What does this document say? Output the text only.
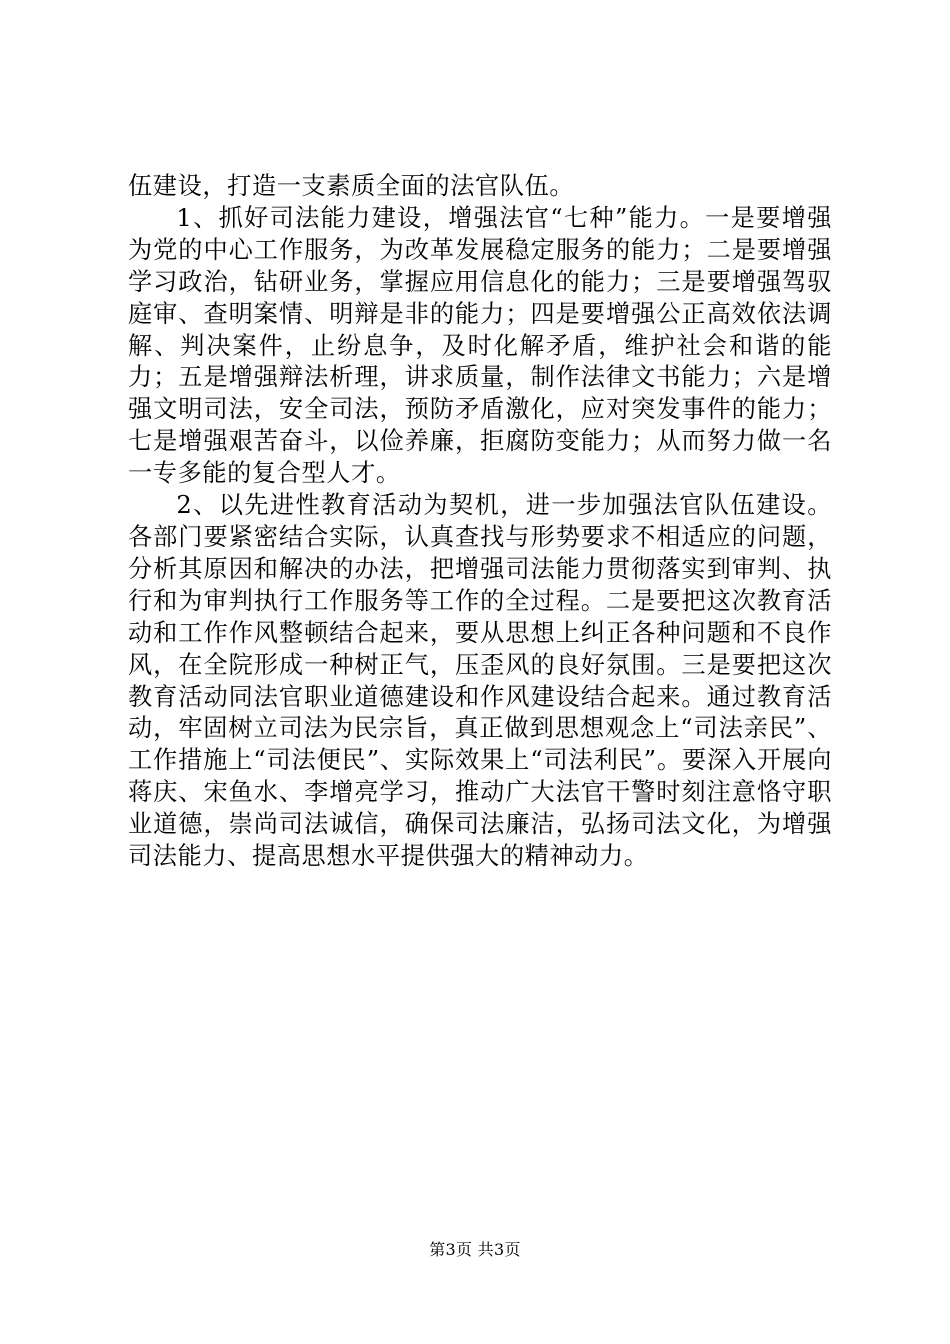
伍建设，打造一支素质全面的法官队伍。

1、抓好司法能力建设，增强法官“七种”能力。一是要增强为党的中心工作服务，为改革发展稳定服务的能力；二是要增强学习政治，钻研业务，掌握应用信息化的能力；三是要增强驾驭庭审、查明案情、明辩是非的能力；四是要增强公正高效依法调解、判决案件，止纷息争，及时化解矛盾，维护社会和谐的能力；五是增强辩法析理，讲求质量，制作法律文书能力；六是增强文明司法，安全司法，预防矛盾激化，应对突发事件的能力；七是增强艰苦奋斗，以俭养廉，拒腐防变能力；从而努力做一名一专多能的复合型人才。

2、以先进性教育活动为契机，进一步加强法官队伍建设。各部门要紧密结合实际，认真查找与形势要求不相适应的问题，分析其原因和解决的办法，把增强司法能力贯彻落实到审判、执行和为审判执行工作服务等工作的全过程。二是要把这次教育活动和工作作风整顿结合起来，要从思想上纠正各种问题和不良作风，在全院形成一种树正气，压歪风的良好氛围。三是要把这次教育活动同法官职业道德建设和作风建设结合起来。通过教育活动，牢固树立司法为民宗旨，真正做到思想观念上“司法亲民”、工作措施上“司法便民”、实际效果上“司法利民”。要深入开展向蒋庆、宋鱼水、李增亮学习，推动广大法官干警时刻注意恪守职业道德，崇尚司法诚信，确保司法廉洁，弘扬司法文化，为增强司法能力、提高思想水平提供强大的精神动力。

第3页 共3页
